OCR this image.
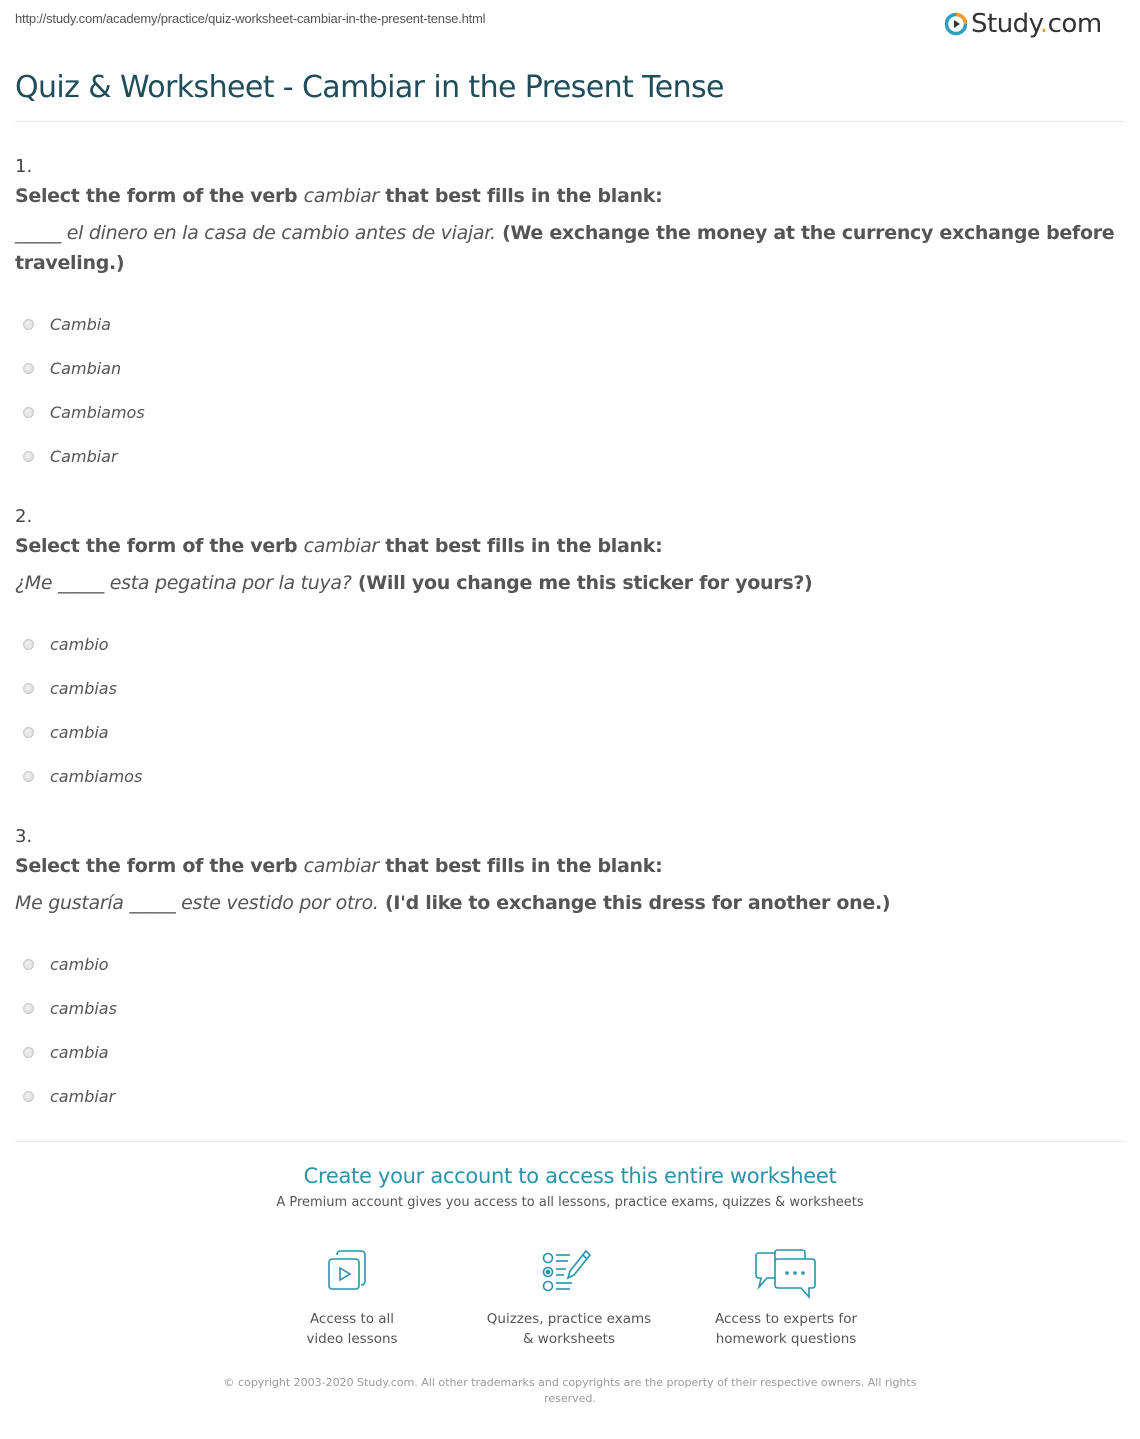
http://study.com/academy/practice/quiz-worksheet-cambiar-in-the-present-tense.html	Study.com
Quiz & Worksheet - Cambiar in the Present Tense
1.
Select the form of the verb cambiar that best fills in the blank:
_____ el dinero en la casa de cambio antes de viajar. (We exchange the money at the currency exchange before traveling.)
Cambia
Cambian
Cambiamos
Cambiar
2.
Select the form of the verb cambiar that best fills in the blank:
¿Me _____ esta pegatina por la tuya? (Will you change me this sticker for yours?)
cambio
cambias
cambia
cambiamos
3.
Select the form of the verb cambiar that best fills in the blank:
Me gustaría _____ este vestido por otro. (I'd like to exchange this dress for another one.)
cambio
cambias
cambia
cambiar
Create your account to access this entire worksheet
A Premium account gives you access to all lessons, practice exams, quizzes & worksheets
Access to all
video lessons
Quizzes, practice exams
& worksheets
Access to experts for
homework questions
© copyright 2003-2020 Study.com. All other trademarks and copyrights are the property of their respective owners. All rights reserved.
